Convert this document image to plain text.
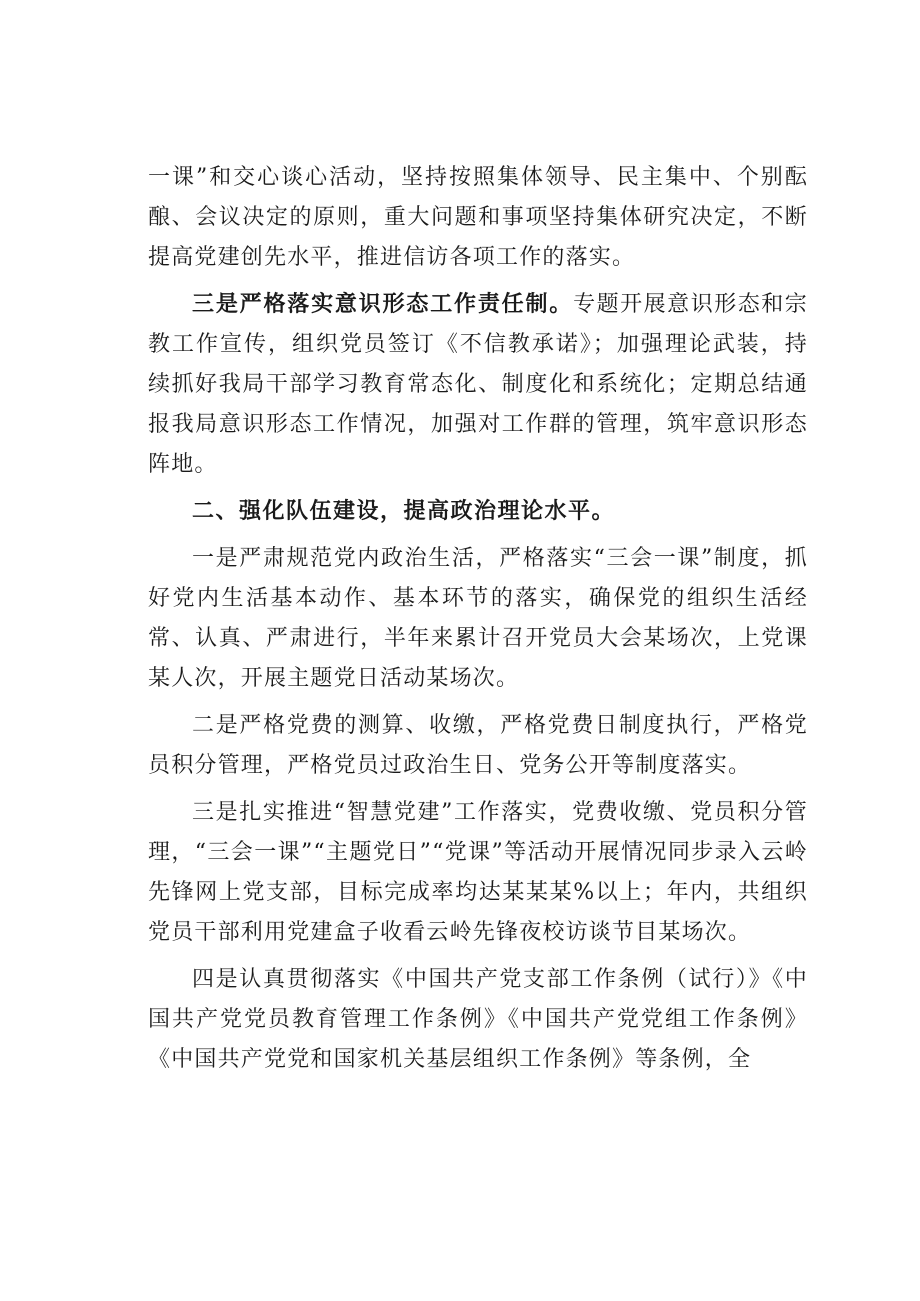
一课”和交心谈心活动，坚持按照集体领导、民主集中、个别酝酿、会议决定的原则，重大问题和事项坚持集体研究决定，不断提高党建创先水平，推进信访各项工作的落实。

三是严格落实意识形态工作责任制。专题开展意识形态和宗教工作宣传，组织党员签订《不信教承诺》；加强理论武装，持续抓好我局干部学习教育常态化、制度化和系统化；定期总结通报我局意识形态工作情况，加强对工作群的管理，筑牢意识形态阵地。

二、强化队伍建设，提高政治理论水平。

一是严肃规范党内政治生活，严格落实“三会一课”制度，抓好党内生活基本动作、基本环节的落实，确保党的组织生活经常、认真、严肃进行，半年来累计召开党员大会某场次，上党课某人次，开展主题党日活动某场次。

二是严格党费的测算、收缴，严格党费日制度执行，严格党员积分管理，严格党员过政治生日、党务公开等制度落实。

三是扎实推进“智慧党建”工作落实，党费收缴、党员积分管理，“三会一课”“主题党日”“党课”等活动开展情况同步录入云岭先锋网上党支部，目标完成率均达某某某%以上；年内，共组织党员干部利用党建盒子收看云岭先锋夜校访谈节目某场次。

四是认真贯彻落实《中国共产党支部工作条例（试行）》《中国共产党党员教育管理工作条例》《中国共产党党组工作条例》《中国共产党党和国家机关基层组织工作条例》等条例，全
